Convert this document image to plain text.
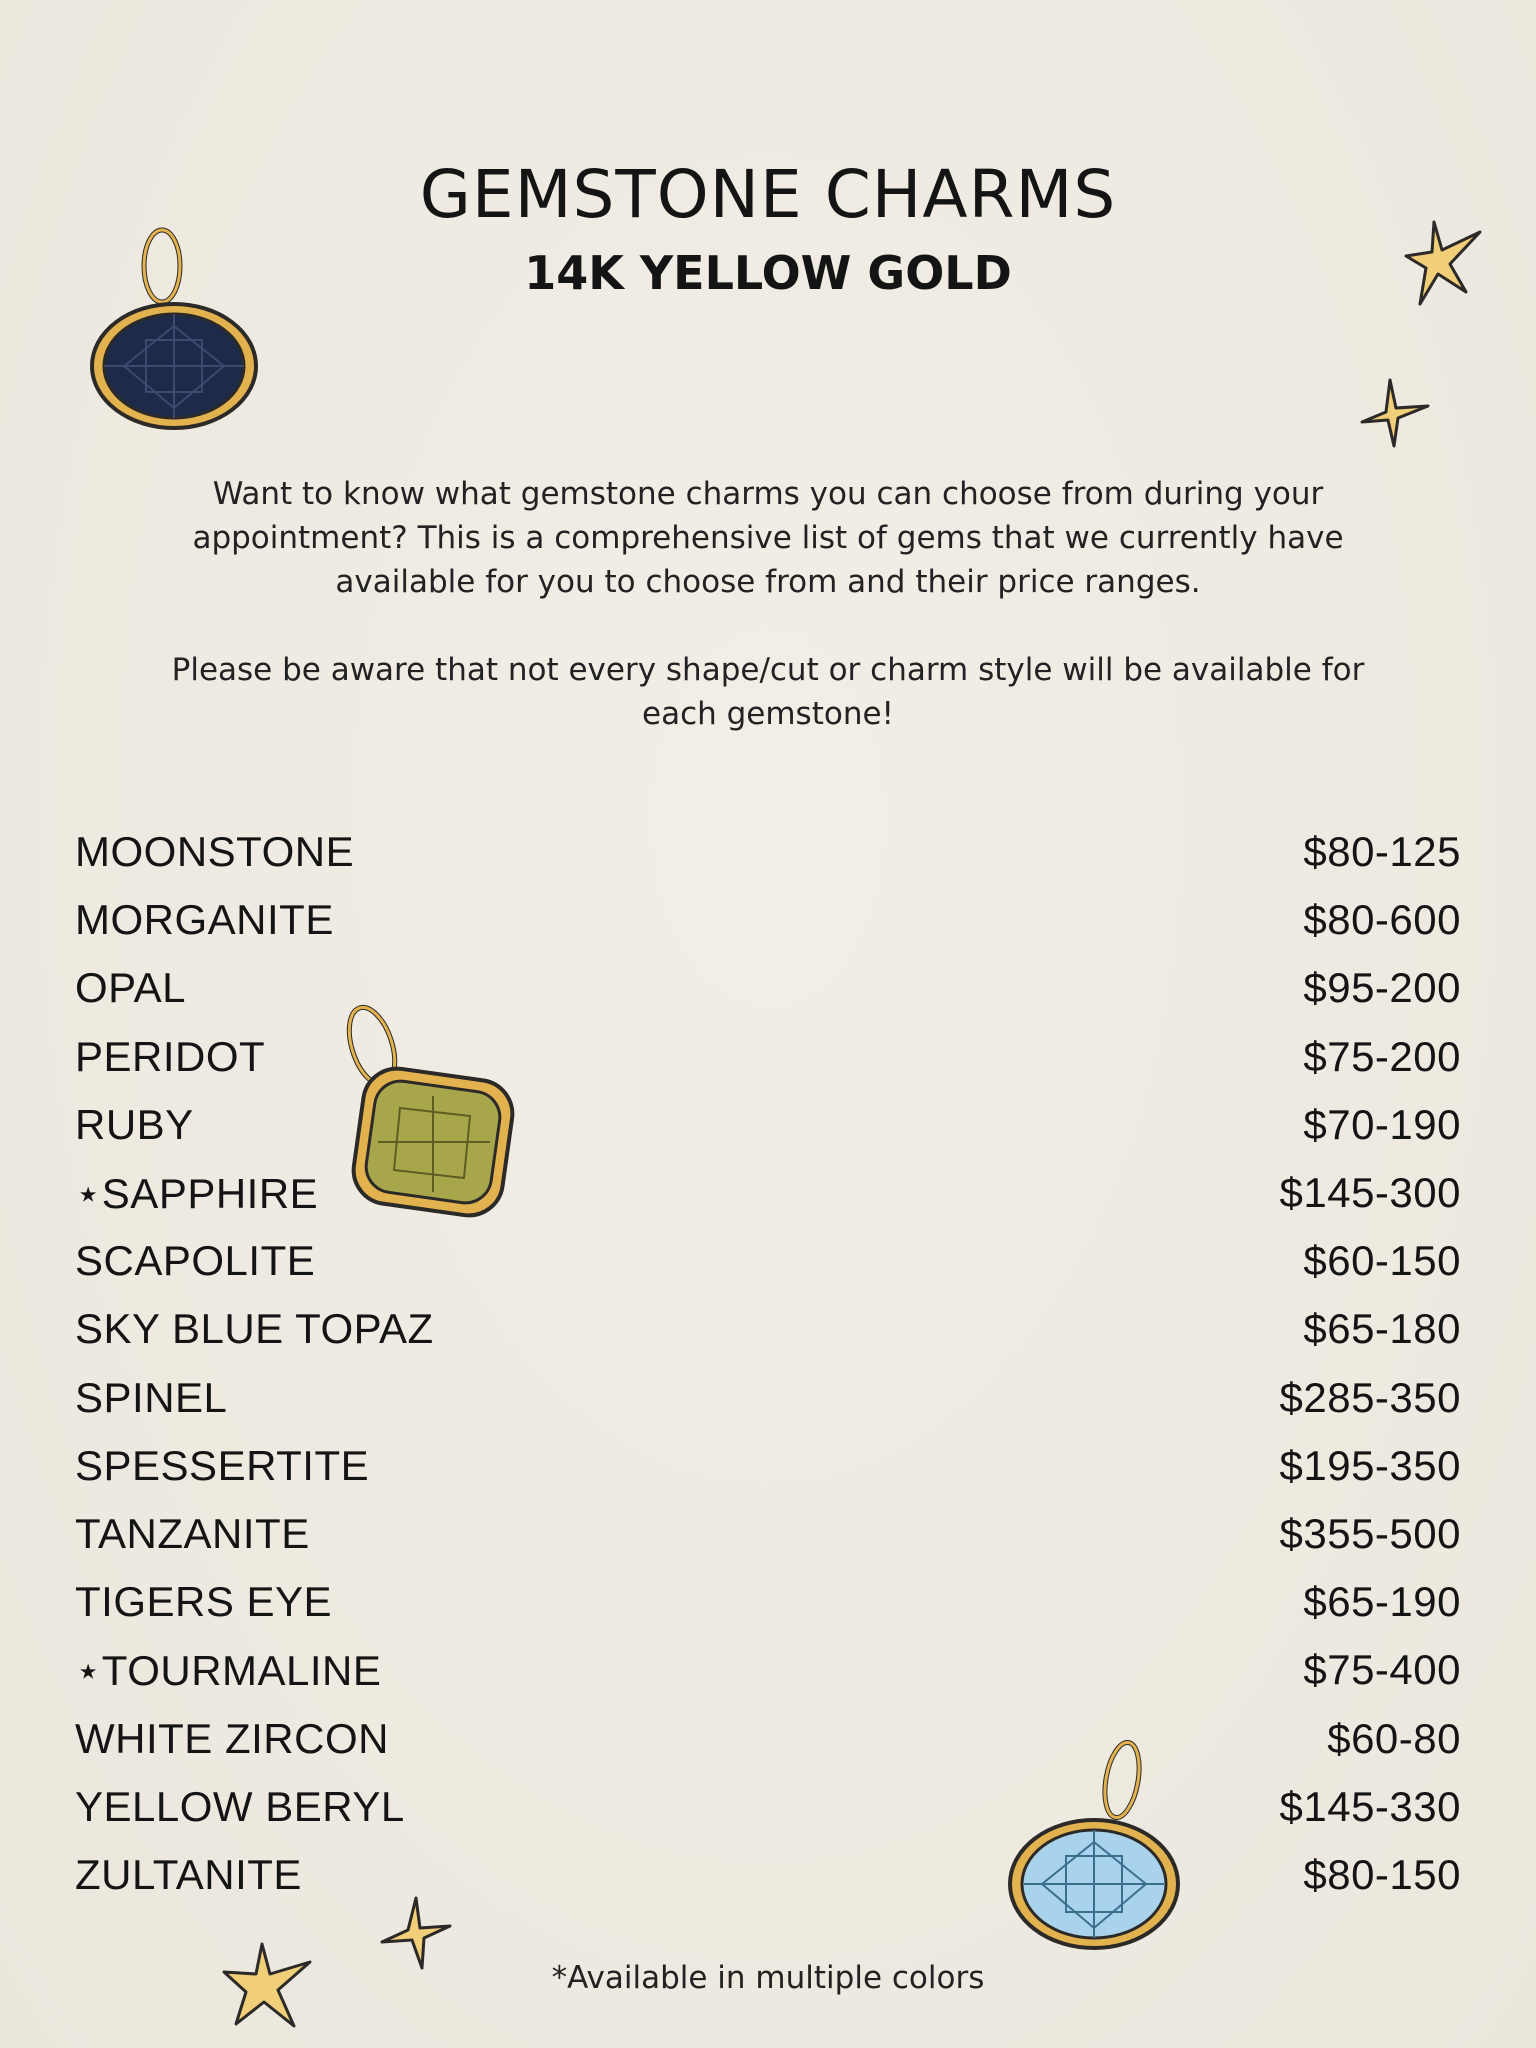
GEMSTONE CHARMS
14K YELLOW GOLD

Want to know what gemstone charms you can choose from during your appointment? This is a comprehensive list of gems that we currently have available for you to choose from and their price ranges.

Please be aware that not every shape/cut or charm style will be available for each gemstone!

MOONSTONE	$80-125
MORGANITE	$80-600
OPAL	$95-200
PERIDOT	$75-200
RUBY	$70-190
⋆SAPPHIRE	$145-300
SCAPOLITE	$60-150
SKY BLUE TOPAZ	$65-180
SPINEL	$285-350
SPESSERTITE	$195-350
TANZANITE	$355-500
TIGERS EYE	$65-190
⋆TOURMALINE	$75-400
WHITE ZIRCON	$60-80
YELLOW BERYL	$145-330
ZULTANITE	$80-150

*Available in multiple colors
